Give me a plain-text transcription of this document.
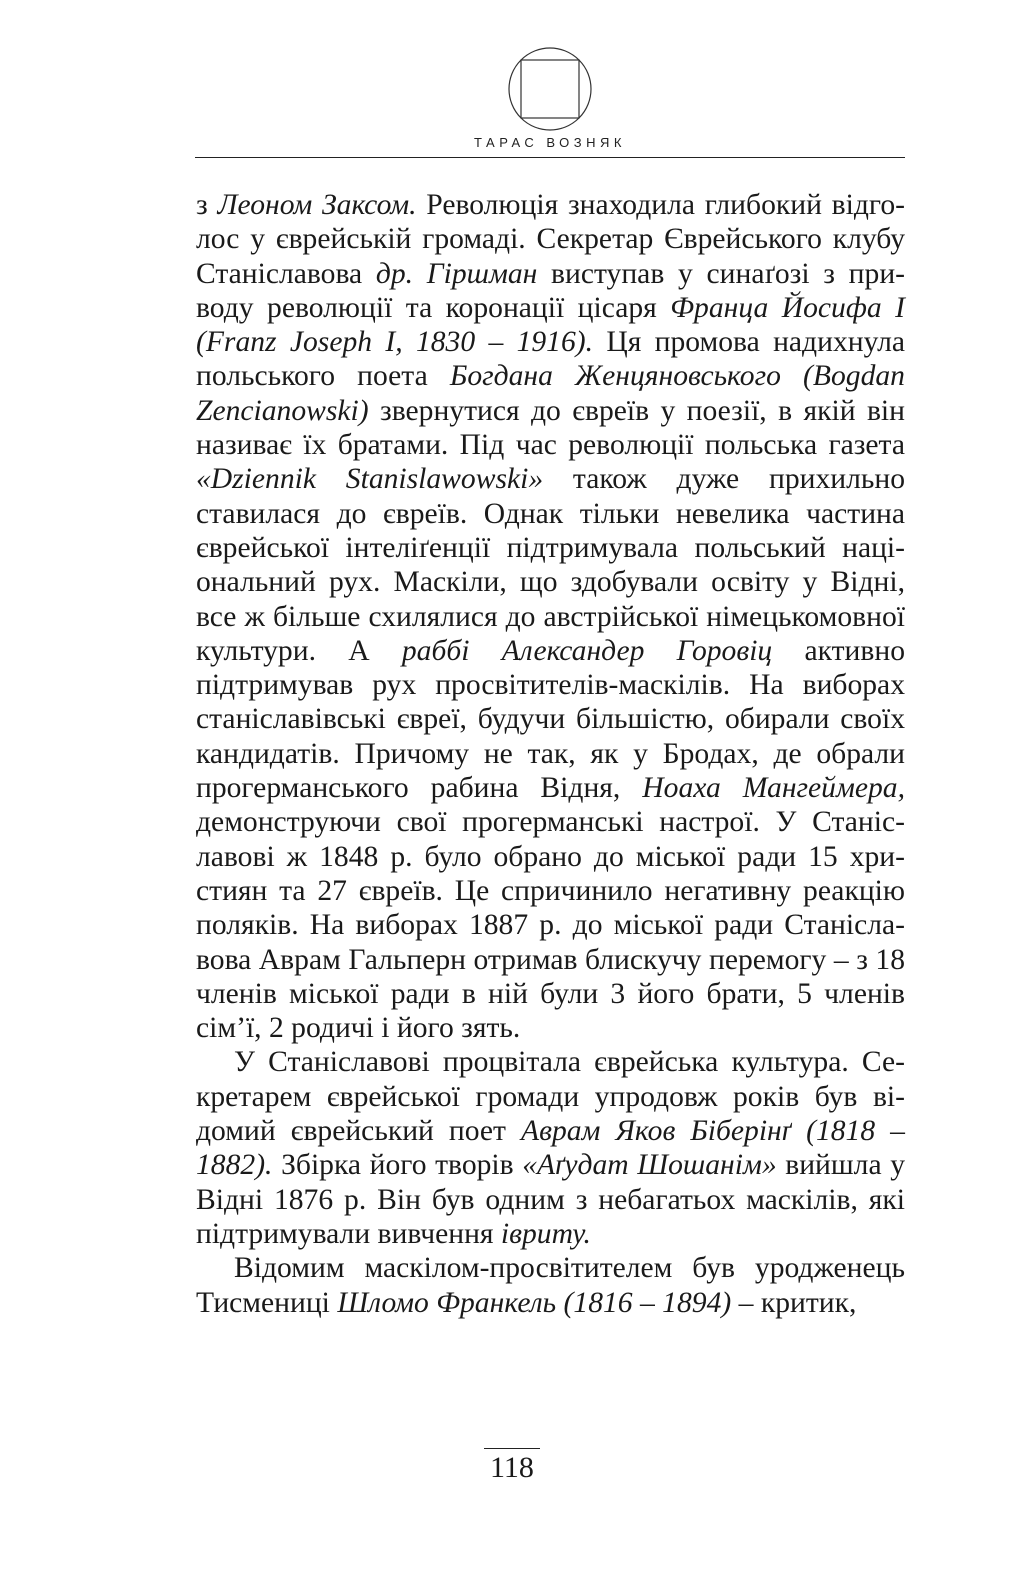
ТАРАС ВОЗНЯК

з Леоном Заксом. Революція знаходила глибокий відголос у єврейській громаді. Секретар Єврейського клубу Станіславова др. Гіршман виступав у синаґозі з приводу революції та коронації цісаря Франца Йосифа І (Franz Joseph I, 1830 – 1916). Ця промова надихнула польського поета Богдана Женцяновського (Bogdan Zencianowski) звернутися до євреїв у поезії, в якій він називає їх братами. Під час революції польська газета «Dziennik Stanislawowski» також дуже прихильно ставилася до євреїв. Однак тільки невелика частина єврейської інтеліґенції підтримувала польський національний рух. Маскіли, що здобували освіту у Відні, все ж більше схилялися до австрійської німецькомовної культури. А раббі Александер Горовіц активно підтримував рух просвітителів-маскілів. На виборах станіславівські євреї, будучи більшістю, обирали своїх кандидатів. Причому не так, як у Бродах, де обрали прогерманського рабина Відня, Ноаха Мангеймера, демонструючи свої прогерманські настрої. У Станіславові ж 1848 р. було обрано до міської ради 15 християн та 27 євреїв. Це спричинило негативну реакцію поляків. На виборах 1887 р. до міської ради Станіславова Аврам Гальперн отримав блискучу перемогу – з 18 членів міської ради в ній були 3 його брати, 5 членів сім’ї, 2 родичі і його зять.

У Станіславові процвітала єврейська культура. Секретарем єврейської громади упродовж років був відомий єврейський поет Аврам Яков Біберінґ (1818 – 1882). Збірка його творів «Аґудат Шошанім» вийшла у Відні 1876 р. Він був одним з небагатьох маскілів, які підтримували вивчення івриту.

Відомим маскілом-просвітителем був уродженець Тисмениці Шломо Франкель (1816 – 1894) – критик,

118
